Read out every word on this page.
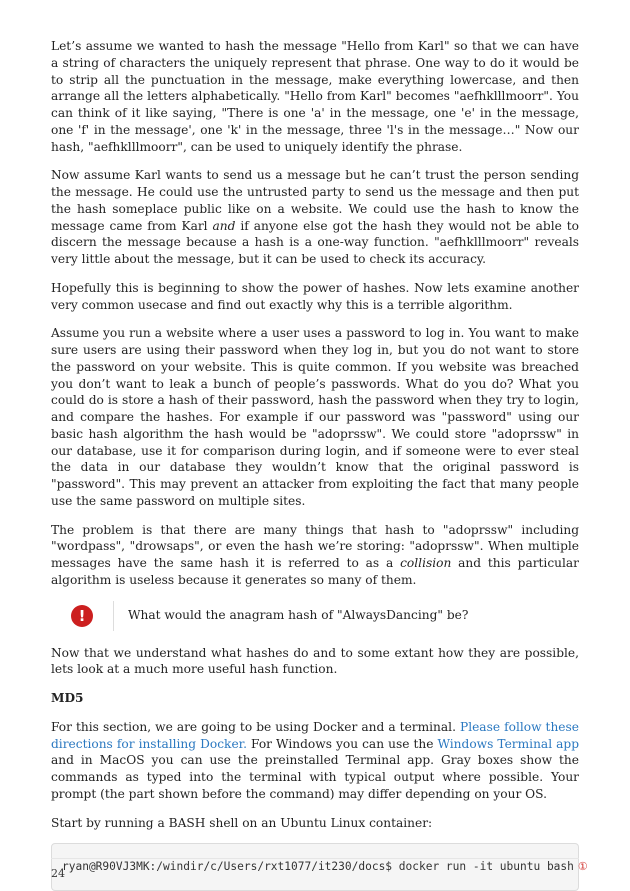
Let’s assume we wanted to hash the message "Hello from Karl" so that we can have a string of characters the uniquely represent that phrase. One way to do it would be to strip all the punctuation in the message, make everything lowercase, and then arrange all the letters alphabetically. "Hello from Karl" becomes "aefhklllmoorr". You can think of it like saying, "There is one 'a' in the message, one 'e' in the message, one 'f' in the message', one 'k' in the message, three 'l's in the message…" Now our hash, "aefhklllmoorr", can be used to uniquely identify the phrase.

Now assume Karl wants to send us a message but he can’t trust the person sending the message. He could use the untrusted party to send us the message and then put the hash someplace public like on a website. We could use the hash to know the message came from Karl and if anyone else got the hash they would not be able to discern the message because a hash is a one-way function. "aefhklllmoorr" reveals very little about the message, but it can be used to check its accuracy.

Hopefully this is beginning to show the power of hashes. Now lets examine another very common usecase and find out exactly why this is a terrible algorithm.

Assume you run a website where a user uses a password to log in. You want to make sure users are using their password when they log in, but you do not want to store the password on your website. This is quite common. If you website was breached you don’t want to leak a bunch of people’s passwords. What do you do? What you could do is store a hash of their password, hash the password when they try to login, and compare the hashes. For example if our password was "password" using our basic hash algorithm the hash would be "adoprssw". We could store "adoprssw" in our database, use it for comparison during login, and if someone were to ever steal the data in our database they wouldn’t know that the original password is "password". This may prevent an attacker from exploiting the fact that many people use the same password on multiple sites.

The problem is that there are many things that hash to "adoprssw" including "wordpass", "drowsaps", or even the hash we’re storing: "adoprssw". When multiple messages have the same hash it is referred to as a collision and this particular algorithm is useless because it generates so many of them.

!	What would the anagram hash of "AlwaysDancing" be?

Now that we understand what hashes do and to some extant how they are possible, lets look at a much more useful hash function.

MD5

For this section, we are going to be using Docker and a terminal. Please follow these directions for installing Docker. For Windows you can use the Windows Terminal app and in MacOS you can use the preinstalled Terminal app. Gray boxes show the commands as typed into the terminal with typical output where possible. Your prompt (the part shown before the command) may differ depending on your OS.

Start by running a BASH shell on an Ubuntu Linux container:

ryan@R90VJ3MK:/windir/c/Users/rxt1077/it230/docs$ docker run -it ubuntu bash ①
24
